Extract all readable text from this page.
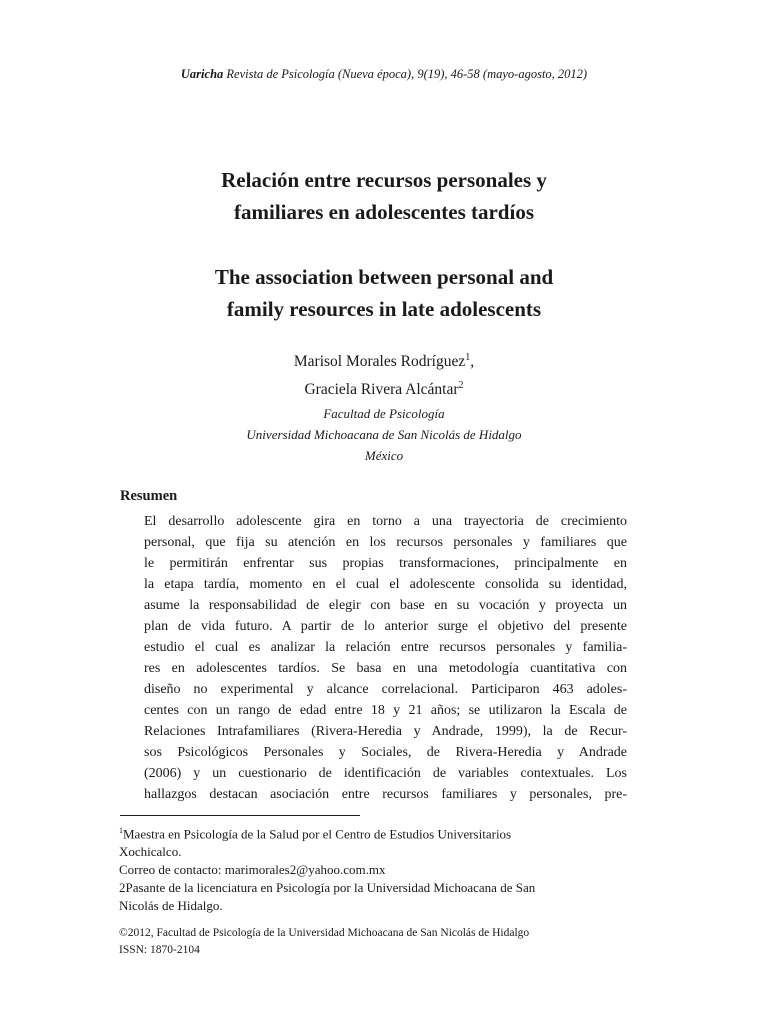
Uaricha Revista de Psicología (Nueva época), 9(19), 46-58 (mayo-agosto, 2012)
Relación entre recursos personales y
familiares en adolescentes tardíos
The association between personal and
family resources in late adolescents
Marisol Morales Rodríguez$^1$,
Graciela Rivera Alcántar$^2$
Facultad de Psicología
Universidad Michoacana de San Nicolás de Hidalgo
México
Resumen

El desarrollo adolescente gira en torno a una trayectoria de crecimiento
personal, que fija su atención en los recursos personales y familiares que
le permitirán enfrentar sus propias transformaciones, principalmente en
la etapa tardía, momento en el cual el adolescente consolida su identidad,
asume la responsabilidad de elegir con base en su vocación y proyecta un
plan de vida futuro. A partir de lo anterior surge el objetivo del presente
estudio el cual es analizar la relación entre recursos personales y familia-
res en adolescentes tardíos. Se basa en una metodología cuantitativa con
diseño no experimental y alcance correlacional. Participaron 463 adoles-
centes con un rango de edad entre 18 y 21 años; se utilizaron la Escala de
Relaciones Intrafamiliares (Rivera-Heredia y Andrade, 1999), la de Recur-
sos Psicológicos Personales y Sociales, de Rivera-Heredia y Andrade
(2006) y un cuestionario de identificación de variables contextuales. Los
hallazgos destacan asociación entre recursos familiares y personales, pre-

$^1$Maestra en Psicología de la Salud por el Centro de Estudios Universitarios
Xochicalco.
Correo de contacto: marimorales2@yahoo.com.mx
2Pasante de la licenciatura en Psicología por la Universidad Michoacana de San
Nicolás de Hidalgo.
©2012, Facultad de Psicología de la Universidad Michoacana de San Nicolás de Hidalgo
ISSN: 1870-2104
